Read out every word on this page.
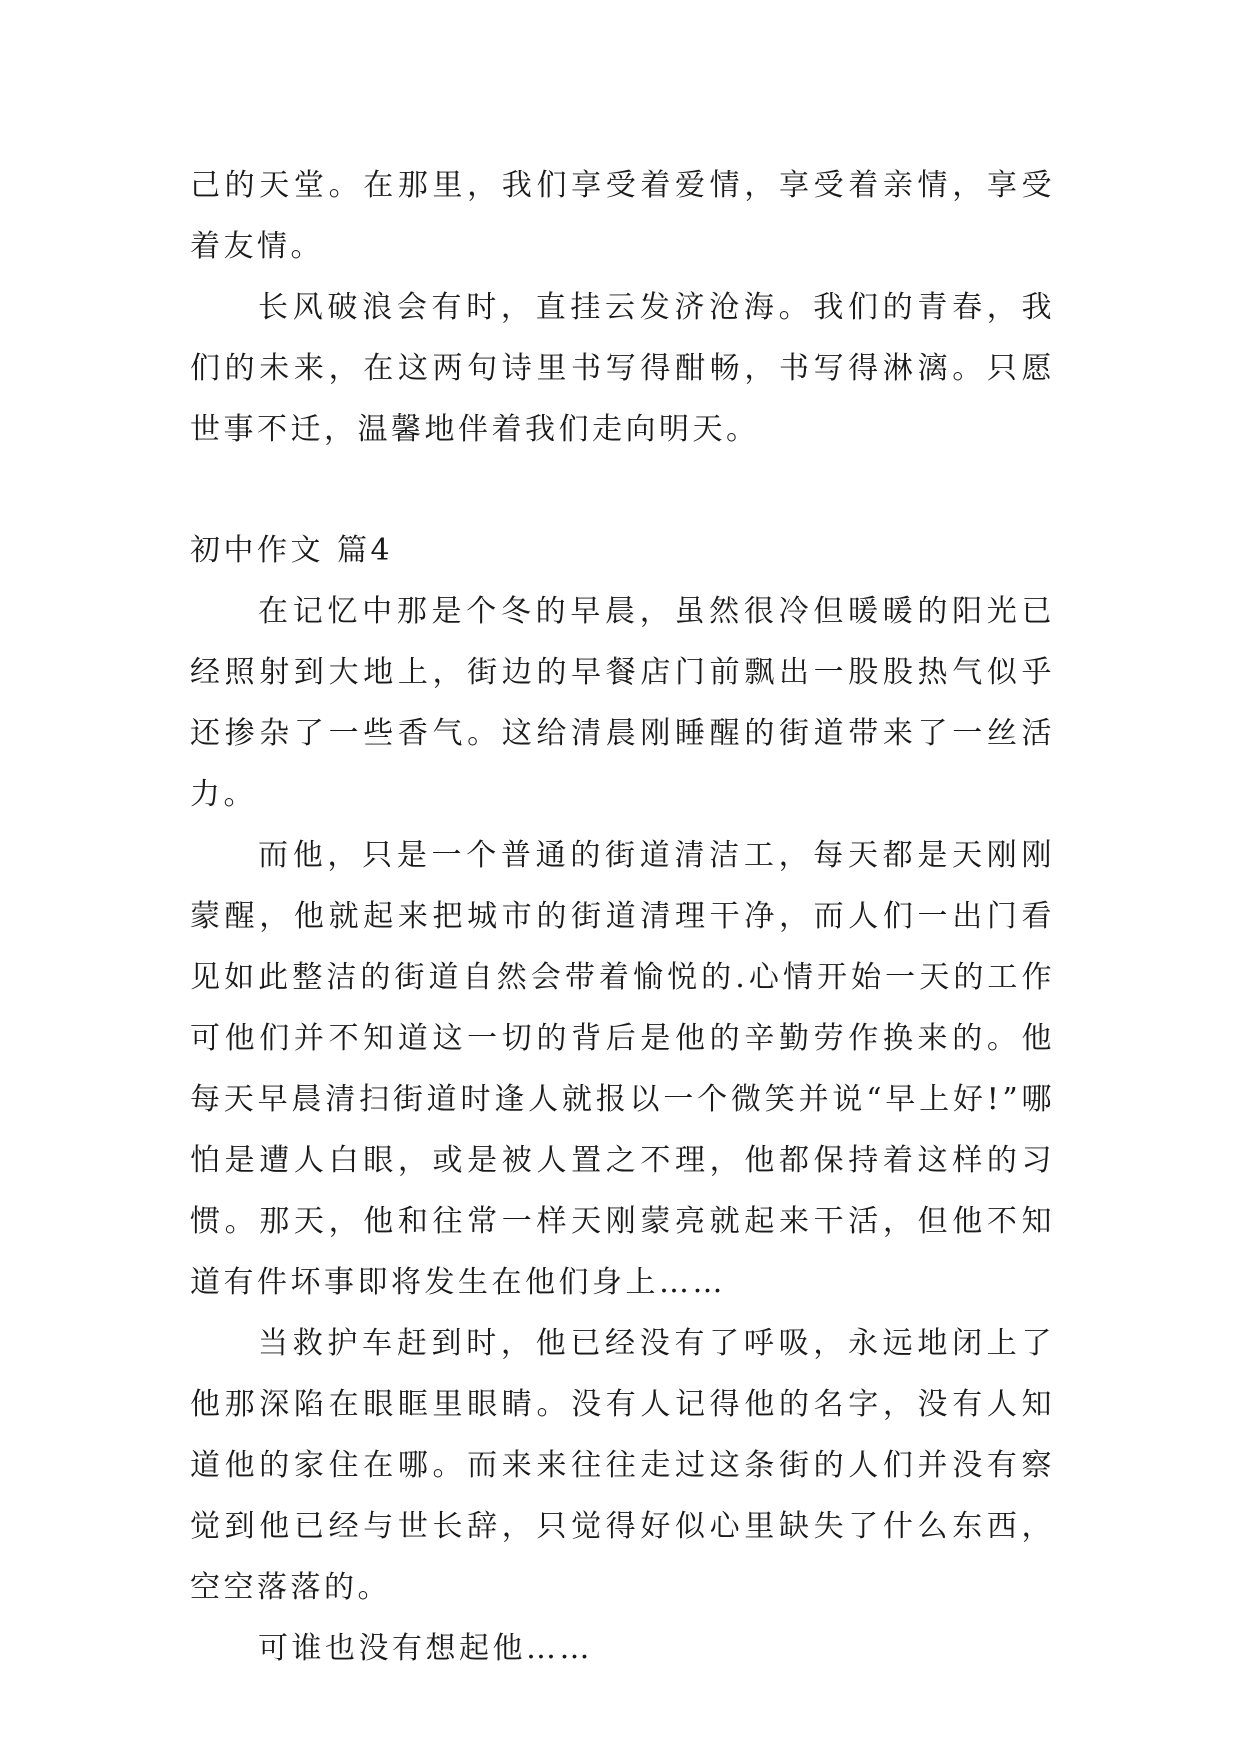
己的天堂。在那里，我们享受着爱情，享受着亲情，享受着友情。

长风破浪会有时，直挂云发济沧海。我们的青春，我们的未来，在这两句诗里书写得酣畅，书写得淋漓。只愿世事不迁，温馨地伴着我们走向明天。

初中作文 篇4

在记忆中那是个冬的早晨，虽然很冷但暖暖的阳光已经照射到大地上，街边的早餐店门前飘出一股股热气似乎还掺杂了一些香气。这给清晨刚睡醒的街道带来了一丝活力。

而他，只是一个普通的街道清洁工，每天都是天刚刚蒙醒，他就起来把城市的街道清理干净，而人们一出门看见如此整洁的街道自然会带着愉悦的.心情开始一天的工作可他们并不知道这一切的背后是他的辛勤劳作换来的。他每天早晨清扫街道时逢人就报以一个微笑并说“早上好!”哪怕是遭人白眼，或是被人置之不理，他都保持着这样的习惯。那天，他和往常一样天刚蒙亮就起来干活，但他不知道有件坏事即将发生在他们身上……

当救护车赶到时，他已经没有了呼吸，永远地闭上了他那深陷在眼眶里眼睛。没有人记得他的名字，没有人知道他的家住在哪。而来来往往走过这条街的人们并没有察觉到他已经与世长辞，只觉得好似心里缺失了什么东西，空空落落的。

可谁也没有想起他……
